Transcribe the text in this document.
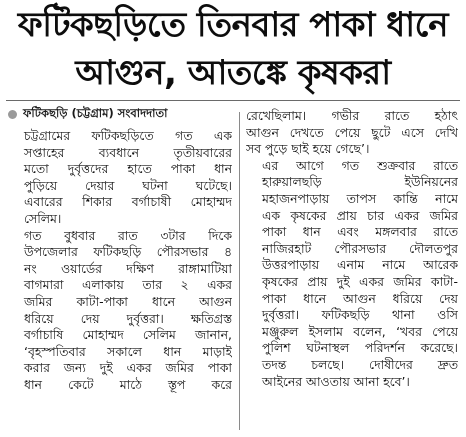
ফটিকছড়িতে তিনবার পাকা ধানে
আগুন, আতঙ্কে কৃষকরা
ফটিকছড়ি (চট্টগ্রাম) সংবাদদাতা

চট্টগ্রামের ফটিকছড়িতে গত এক
সপ্তাহের ব্যবধানে তৃতীয়বারের
মতো দুর্বৃত্তদের হাতে পাকা ধান
পুড়িয়ে দেয়ার ঘটনা ঘটেছে।
এবারের শিকার বর্গাচাষী মোহাম্মদ
সেলিম।

গত বুধবার রাত ৩টার দিকে
উপজেলার ফটিকছড়ি পৌরসভার ৪
নং ওয়ার্ডের দক্ষিণ রাঙ্গামাটিয়া
বাগমারা এলাকায় তার ২ একর
জমির কাটা-পাকা ধানে আগুন
ধরিয়ে দেয় দুর্বৃত্তরা। ক্ষতিগ্রস্ত
বর্গাচাষি মোহাম্মদ সেলিম জানান,
‘বৃহস্পতিবার সকালে ধান মাড়াই
করার জন্য দুই একর জমির পাকা
ধান কেটে মাঠে স্তূপ করে

রেখেছিলাম। গভীর রাতে হঠাৎ
আগুন দেখতে পেয়ে ছুটে এসে দেখি
সব পুড়ে ছাই হয়ে গেছে’।

এর আগে গত শুক্রবার রাতে
হারুয়ালছড়ি ইউনিয়নের
মহাজনপাড়ায় তাপস কান্তি নামে
এক কৃষকের প্রায় চার একর জমির
পাকা ধান এবং মঙ্গলবার রাতে
নাজিরহাট পৌরসভার দৌলতপুর
উত্তরপাড়ায় এনাম নামে আরেক
কৃষকের প্রায় দুই একর জমির কাটা-
পাকা ধানে আগুন ধরিয়ে দেয়
দুর্বৃত্তরা। ফটিকছড়ি থানা ওসি
মঞ্জুরুল ইসলাম বলেন, ‘খবর পেয়ে
পুলিশ ঘটনাস্থল পরিদর্শন করেছে।
তদন্ত চলছে। দোষীদের দ্রুত
আইনের আওতায় আনা হবে’।
